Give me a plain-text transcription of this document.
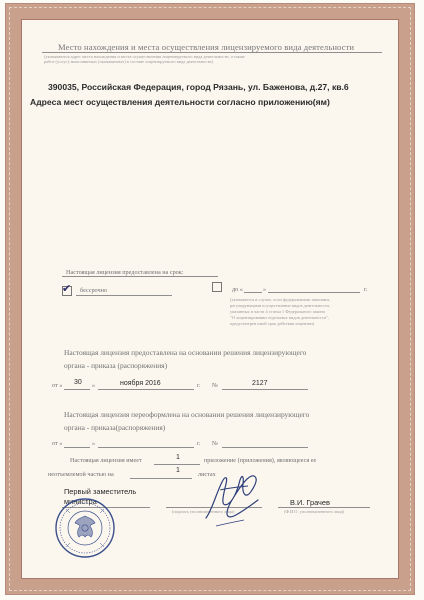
Место нахождения и места осуществления лицензируемого вида деятельности
(указываются адрес места нахождения и места осуществления лицензируемого вида деятельности, а также
работ (услуг), выполняемых (оказываемых) в составе лицензируемого вида деятельности)
390035, Российская Федерация, город Рязань, ул. Баженова, д.27, кв.6
Адреса мест осуществления деятельности согласно приложению(ям)
Настоящая лицензия предоставлена на срок:
✔ бессрочно	до «	»	г.
(указывается в случае, если федеральными законами,
регулирующими осуществление видов деятельности,
указанных в части 4 статьи 1 Федерального закона
"О лицензировании отдельных видов деятельности",
предусмотрен иной срок действия лицензии)
Настоящая лицензия предоставлена на основании решения лицензирующего
органа - приказа (распоряжения)
от « 30 »	ноября 2016	г. №	2127
Настоящая лицензия переоформлена на основании решения лицензирующего
органа - приказа(распоряжения)
от «	»	г. №
Настоящая лицензия имеет	1	приложение (приложения), являющееся ее
неотъемлемой частью на
1
листах
Первый заместитель
министра
(подпись уполномоченного лица)
В.И. Грачев
(Ф.И.О. уполномоченного лица)
